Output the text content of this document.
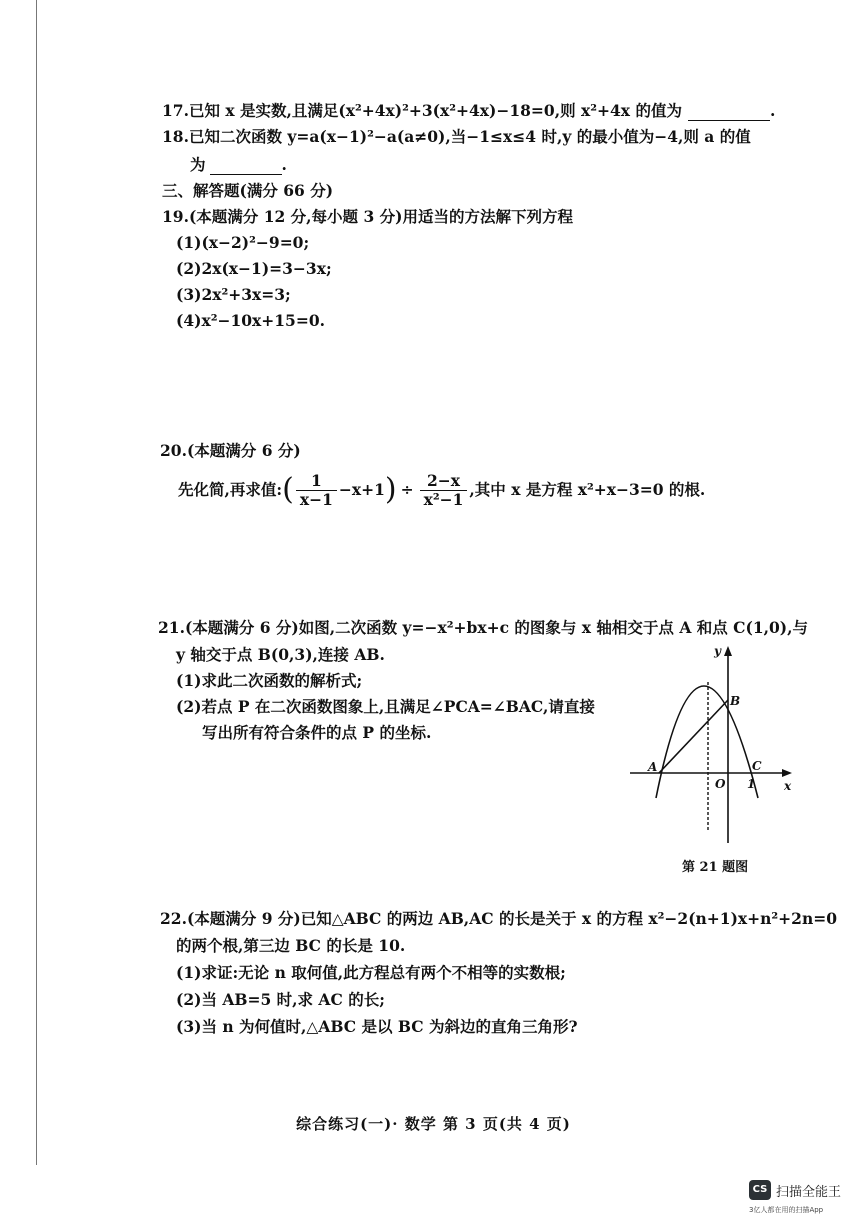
17.已知 x 是实数,且满足(x²+4x)²+3(x²+4x)−18=0,则 x²+4x 的值为	.
18.已知二次函数 y=a(x−1)²−a(a≠0),当−1≤x≤4 时,y 的最小值为−4,则 a 的值
为	.
三、解答题(满分 66 分)
19.(本题满分 12 分,每小题 3 分)用适当的方法解下列方程
(1)(x−2)²−9=0;
(2)2x(x−1)=3−3x;
(3)2x²+3x=3;
(4)x²−10x+15=0.
20.(本题满分 6 分)
先化简,再求值: ( $\frac{1}{x-1} -x+1$ ) ÷ $\frac{2-x}{\text{x²−1}}$ ,其中 x 是方程 x²+x−3=0 的根.
21.(本题满分 6 分)如图,二次函数 y=−x²+bx+c 的图象与 x 轴相交于点 A 和点 C(1,0),与
y 轴交于点 B(0,3),连接 AB.
(1)求此二次函数的解析式;
(2)若点 P 在二次函数图象上,且满足∠PCA=∠BAC,请直接
写出所有符合条件的点 P 的坐标.
y
x
A
B
C
O 1
第 21 题图
22.(本题满分 9 分)已知△ABC 的两边 AB,AC 的长是关于 x 的方程 x²−2(n+1)x+n²+2n=0
的两个根,第三边 BC 的长是 10.
(1)求证:无论 n 取何值,此方程总有两个不相等的实数根;
(2)当 AB=5 时,求 AC 的长;
(3)当 n 为何值时,△ABC 是以 BC 为斜边的直角三角形?
综合练习(一)· 数学 第 3 页(共 4 页)
CS 扫描全能王
3亿人都在用的扫描App
